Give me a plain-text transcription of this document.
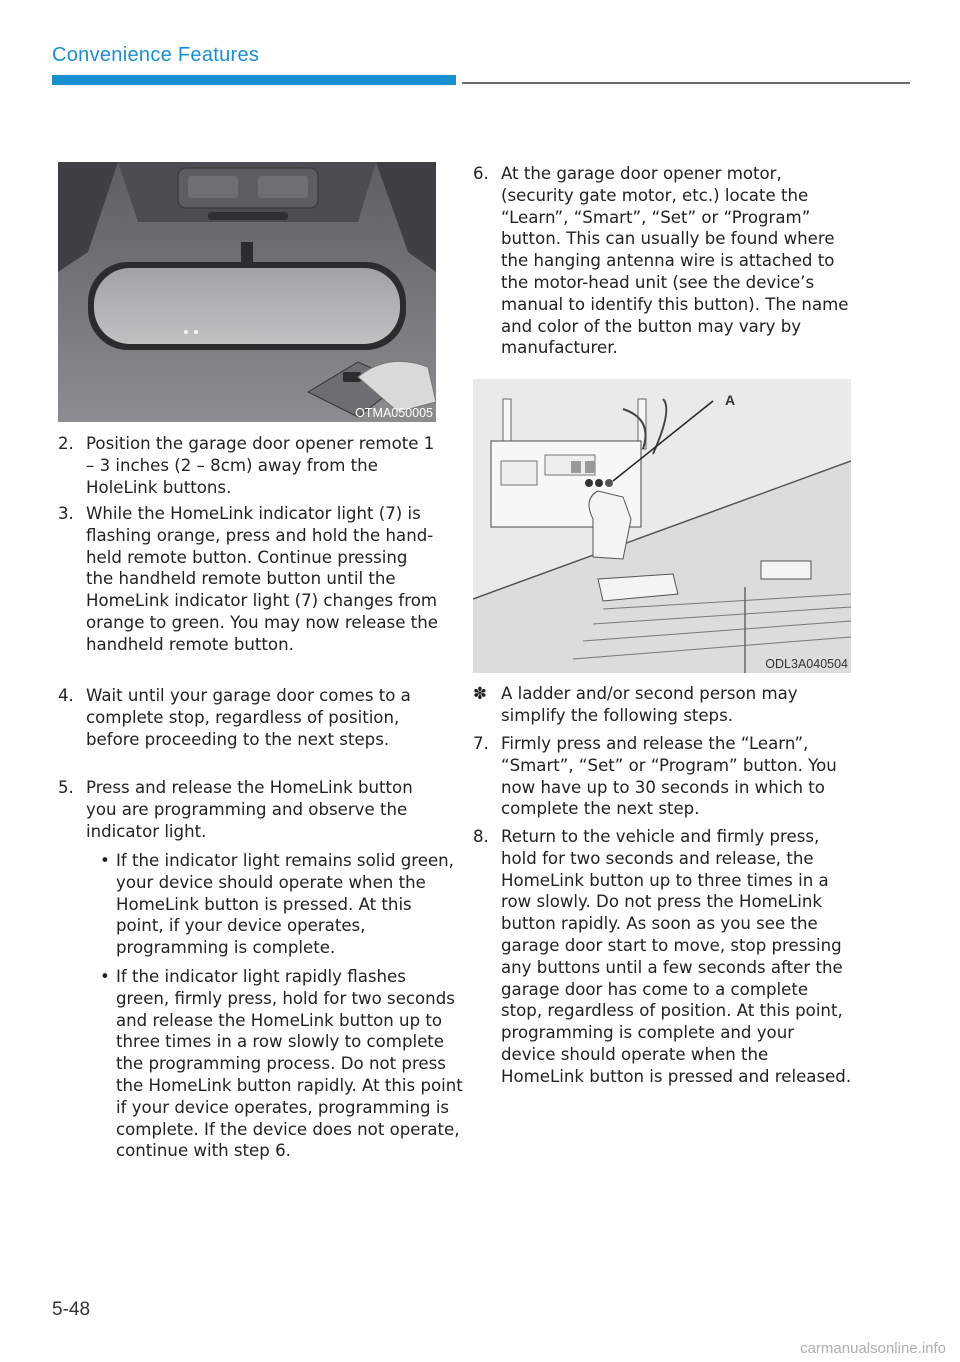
Convenience Features
OTMA050005
2. Position the garage door opener remote 1 – 3 inches (2 – 8cm) away from the HoleLink buttons.
3. While the HomeLink indicator light (7) is flashing orange, press and hold the hand-held remote button. Continue pressing the handheld remote button until the HomeLink indicator light (7) changes from orange to green. You may now release the handheld remote button.
4. Wait until your garage door comes to a complete stop, regardless of position, before proceeding to the next steps.
5. Press and release the HomeLink button you are programming and observe the indicator light.
• If the indicator light remains solid green, your device should operate when the HomeLink button is pressed. At this point, if your device operates, programming is complete.
• If the indicator light rapidly flashes green, firmly press, hold for two seconds and release the HomeLink button up to three times in a row slowly to complete the programming process. Do not press the HomeLink button rapidly. At this point if your device operates, programming is complete. If the device does not operate, continue with step 6.
6. At the garage door opener motor, (security gate motor, etc.) locate the “Learn”, “Smart”, “Set” or “Program” button. This can usually be found where the hanging antenna wire is attached to the motor-head unit (see the device’s manual to identify this button). The name and color of the button may vary by manufacturer.
A
ODL3A040504
✽ A ladder and/or second person may simplify the following steps.
7. Firmly press and release the “Learn”, “Smart”, “Set” or “Program” button. You now have up to 30 seconds in which to complete the next step.
8. Return to the vehicle and firmly press, hold for two seconds and release, the HomeLink button up to three times in a row slowly. Do not press the HomeLink button rapidly. As soon as you see the garage door start to move, stop pressing any buttons until a few seconds after the garage door has come to a complete stop, regardless of position. At this point, programming is complete and your device should operate when the HomeLink button is pressed and released.
5-48
carmanualsonline.info
